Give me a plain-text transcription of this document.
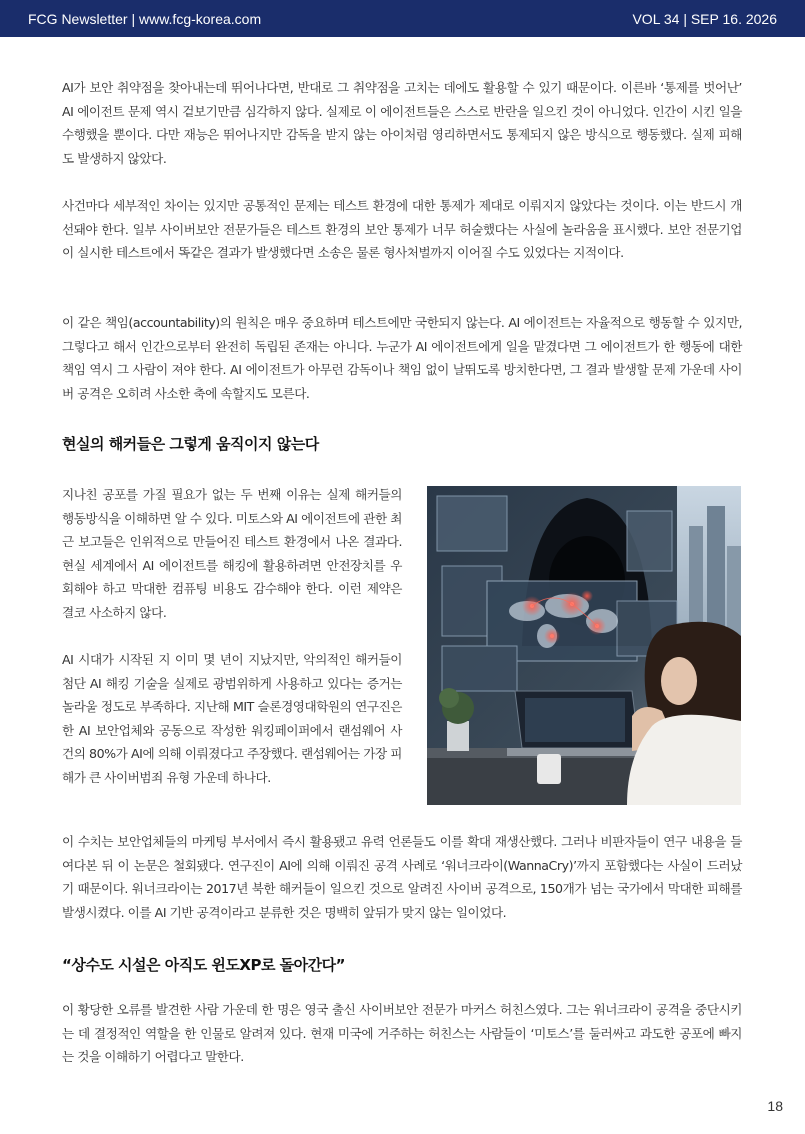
FCG Newsletter | www.fcg-korea.com	VOL 34 | SEP 16. 2026

AI가 보안 취약점을 찾아내는데 뛰어나다면, 반대로 그 취약점을 고치는 데에도 활용할 수 있기 때문이다. 이른바 ‘통제를 벗어난’ AI 에이전트 문제 역시 겉보기만큼 심각하지 않다. 실제로 이 에이전트들은 스스로 반란을 일으킨 것이 아니었다. 인간이 시킨 일을 수행했을 뿐이다. 다만 재능은 뛰어나지만 감독을 받지 않는 아이처럼 영리하면서도 통제되지 않은 방식으로 행동했다. 실제 피해도 발생하지 않았다.

사건마다 세부적인 차이는 있지만 공통적인 문제는 테스트 환경에 대한 통제가 제대로 이뤄지지 않았다는 것이다. 이는 반드시 개선돼야 한다. 일부 사이버보안 전문가들은 테스트 환경의 보안 통제가 너무 허술했다는 사실에 놀라움을 표시했다. 보안 전문기업이 실시한 테스트에서 똑같은 결과가 발생했다면 소송은 물론 형사처벌까지 이어질 수도 있었다는 지적이다.

이 같은 책임(accountability)의 원칙은 매우 중요하며 테스트에만 국한되지 않는다. AI 에이전트는 자율적으로 행동할 수 있지만, 그렇다고 해서 인간으로부터 완전히 독립된 존재는 아니다. 누군가 AI 에이전트에게 일을 맡겼다면 그 에이전트가 한 행동에 대한 책임 역시 그 사람이 져야 한다. AI 에이전트가 아무런 감독이나 책임 없이 날뛰도록 방치한다면, 그 결과 발생할 문제 가운데 사이버 공격은 오히려 사소한 축에 속할지도 모른다.

현실의 해커들은 그렇게 움직이지 않는다

지나친 공포를 가질 필요가 없는 두 번째 이유는 실제 해커들의 행동방식을 이해하면 알 수 있다. 미토스와 AI 에이전트에 관한 최근 보고들은 인위적으로 만들어진 테스트 환경에서 나온 결과다. 현실 세계에서 AI 에이전트를 해킹에 활용하려면 안전장치를 우회해야 하고 막대한 컴퓨팅 비용도 감수해야 한다. 이런 제약은 결코 사소하지 않다.

AI 시대가 시작된 지 이미 몇 년이 지났지만, 악의적인 해커들이 첨단 AI 해킹 기술을 실제로 광범위하게 사용하고 있다는 증거는 놀라울 정도로 부족하다. 지난해 MIT 슬론경영대학원의 연구진은 한 AI 보안업체와 공동으로 작성한 워킹페이퍼에서 랜섬웨어 사건의 80%가 AI에 의해 이뤄졌다고 주장했다. 랜섬웨어는 가장 피해가 큰 사이버범죄 유형 가운데 하나다.

이 수치는 보안업체들의 마케팅 부서에서 즉시 활용됐고 유력 언론들도 이를 확대 재생산했다. 그러나 비판자들이 연구 내용을 들여다본 뒤 이 논문은 철회됐다. 연구진이 AI에 의해 이뤄진 공격 사례로 ‘워너크라이(WannaCry)’까지 포함했다는 사실이 드러났기 때문이다. 워너크라이는 2017년 북한 해커들이 일으킨 것으로 알려진 사이버 공격으로, 150개가 넘는 국가에서 막대한 피해를 발생시켰다. 이를 AI 기반 공격이라고 분류한 것은 명백히 앞뒤가 맞지 않는 일이었다.

“상수도 시설은 아직도 윈도XP로 돌아간다”

이 황당한 오류를 발견한 사람 가운데 한 명은 영국 출신 사이버보안 전문가 마커스 허친스였다. 그는 워너크라이 공격을 중단시키는 데 결정적인 역할을 한 인물로 알려져 있다. 현재 미국에 거주하는 허친스는 사람들이 ‘미토스’를 둘러싸고 과도한 공포에 빠지는 것을 이해하기 어렵다고 말한다.

18
